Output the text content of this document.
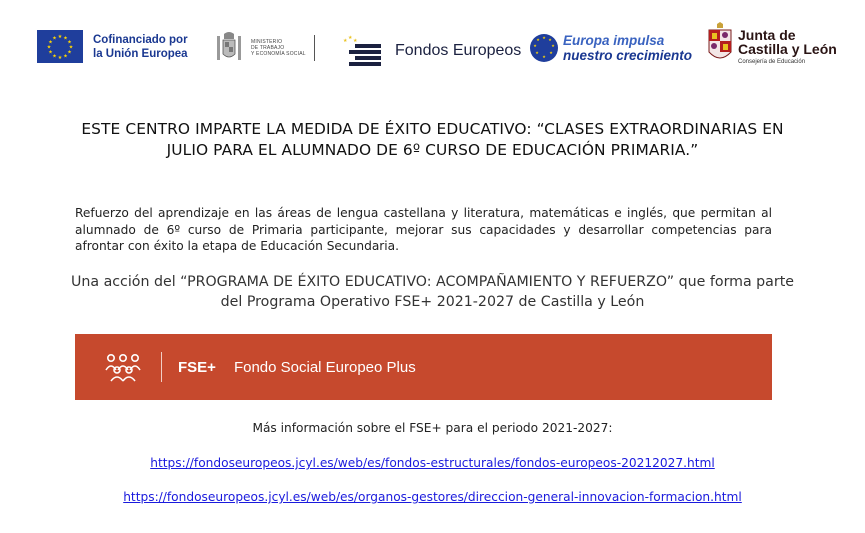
★ ★
★
★
★
★
★
★
★
★
★
★	Cofinanciado por
la Unión Europea
MINISTERIO
DE TRABAJO
Y ECONOMÍA SOCIAL
★ ★ ★
Fondos Europeos
★ ★
★
★
★
★
★
★ Europa impulsa
nuestro crecimiento
Junta de
Castilla y León
Consejería de Educación
ESTE CENTRO IMPARTE LA MEDIDA DE ÉXITO EDUCATIVO: “CLASES EXTRAORDINARIAS EN JULIO PARA EL ALUMNADO DE 6º CURSO DE EDUCACIÓN PRIMARIA.”
Refuerzo del aprendizaje en las áreas de lengua castellana y literatura, matemáticas e inglés, que permitan al alumnado de 6º curso de Primaria participante, mejorar sus capacidades y desarrollar competencias para afrontar con éxito la etapa de Educación Secundaria.
Una acción del “PROGRAMA DE ÉXITO EDUCATIVO: ACOMPAÑAMIENTO Y REFUERZO” que forma parte del Programa Operativo FSE+ 2021-2027 de Castilla y León
FSE+ Fondo Social Europeo Plus
Más información sobre el FSE+ para el periodo 2021-2027:
https://fondoseuropeos.jcyl.es/web/es/fondos-estructurales/fondos-europeos-20212027.html
https://fondoseuropeos.jcyl.es/web/es/organos-gestores/direccion-general-innovacion-formacion.html
